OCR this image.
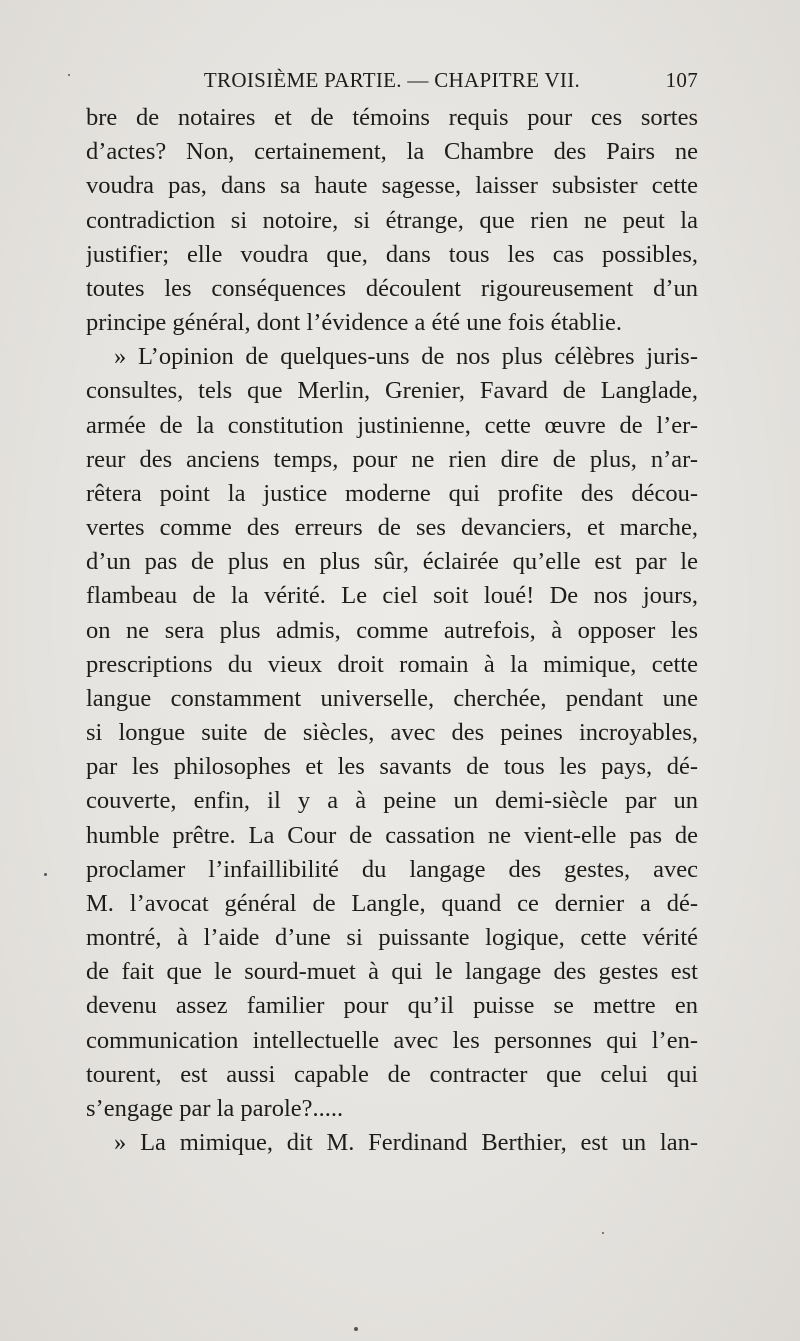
TROISIÈME PARTIE. — CHAPITRE VII.	107
bre de notaires et de témoins requis pour ces sortes
d’actes? Non, certainement, la Chambre des Pairs ne
voudra pas, dans sa haute sagesse, laisser subsister cette
contradiction si notoire, si étrange, que rien ne peut la
justifier; elle voudra que, dans tous les cas possibles,
toutes les conséquences découlent rigoureusement d’un
principe général, dont l’évidence a été une fois établie.
» L’opinion de quelques-uns de nos plus célèbres juris-
consultes, tels que Merlin, Grenier, Favard de Langlade,
armée de la constitution justinienne, cette œuvre de l’er-
reur des anciens temps, pour ne rien dire de plus, n’ar-
rêtera point la justice moderne qui profite des décou-
vertes comme des erreurs de ses devanciers, et marche,
d’un pas de plus en plus sûr, éclairée qu’elle est par le
flambeau de la vérité. Le ciel soit loué! De nos jours,
on ne sera plus admis, comme autrefois, à opposer les
prescriptions du vieux droit romain à la mimique, cette
langue constamment universelle, cherchée, pendant une
si longue suite de siècles, avec des peines incroyables,
par les philosophes et les savants de tous les pays, dé-
couverte, enfin, il y a à peine un demi-siècle par un
humble prêtre. La Cour de cassation ne vient-elle pas de
proclamer l’infaillibilité du langage des gestes, avec
M. l’avocat général de Langle, quand ce dernier a dé-
montré, à l’aide d’une si puissante logique, cette vérité
de fait que le sourd-muet à qui le langage des gestes est
devenu assez familier pour qu’il puisse se mettre en
communication intellectuelle avec les personnes qui l’en-
tourent, est aussi capable de contracter que celui qui
s’engage par la parole?.....
» La mimique, dit M. Ferdinand Berthier, est un lan-
